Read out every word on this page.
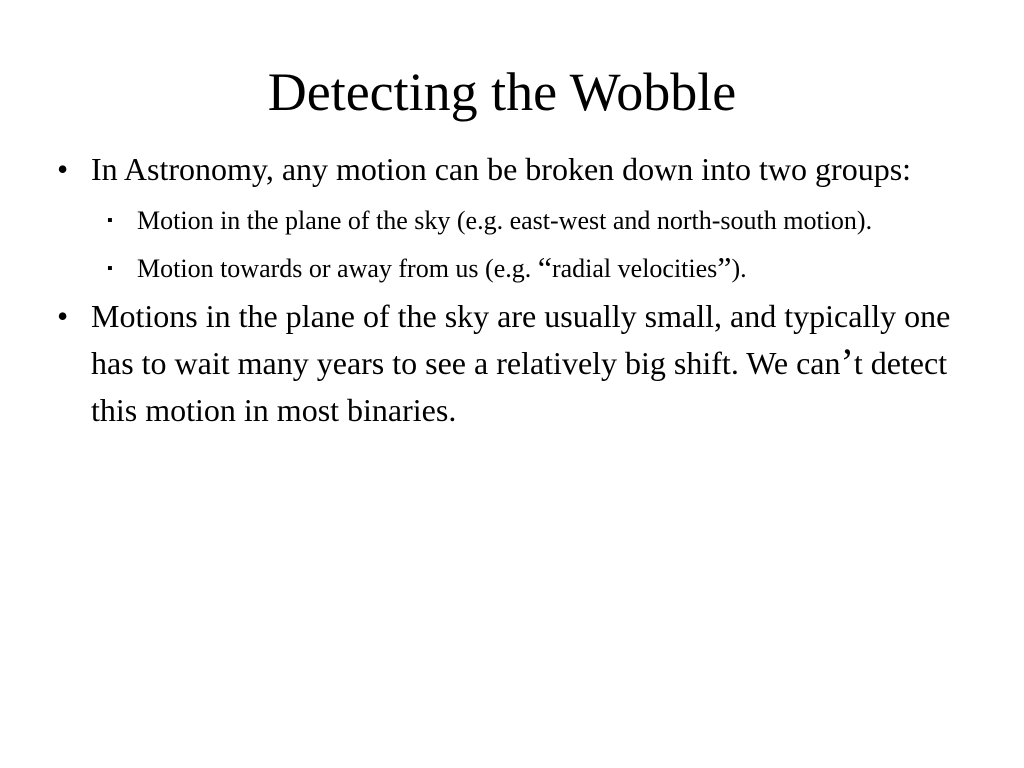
Detecting the Wobble
• In Astronomy, any motion can be broken down into two groups:
▪ Motion in the plane of the sky (e.g. east-west and north-south motion).
▪ Motion towards or away from us (e.g. “radial velocities”).
• Motions in the plane of the sky are usually small, and typically one has to wait many years to see a relatively big shift. We can’t detect this motion in most binaries.
